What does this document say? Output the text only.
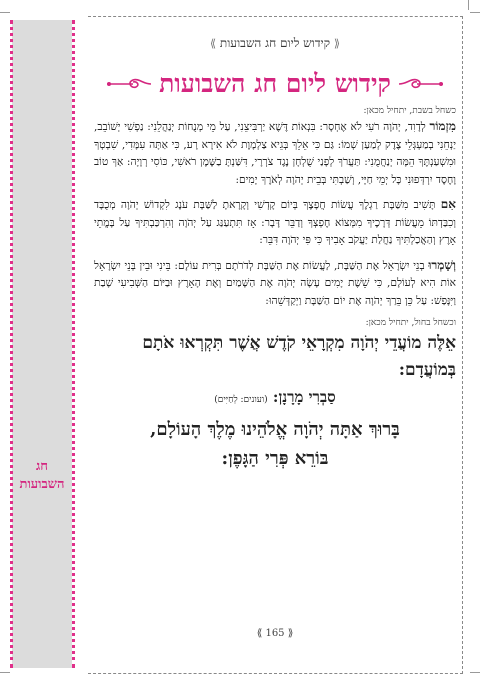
חג
השבועות
⟪ קידוש ליום חג השבועות ⟫
קידוש ליום חג השבועות
כשחל בשבת, יתחיל מכאן:

מִזְמוֹר לְדָוִד, יְהֹוָה רֹעִי לֹא אֶחְסָר: בִּנְאוֹת דֶּשֶׁא יַרְבִּיצֵנִי, עַל מֵי מְנֻחוֹת יְנַהֲלֵנִי: נַפְשִׁי יְשׁוֹבֵב, יַנְחֵנִי בְמַעְגְּלֵי צֶדֶק לְמַעַן שְׁמוֹ: גַּם כִּי אֵלֵךְ בְּגֵיא צַלְמָוֶת לֹא אִירָא רָע, כִּי אַתָּה עִמָּדִי, שִׁבְטְךָ וּמִשְׁעַנְתֶּךָ הֵמָּה יְנַחֲמֻנִי: תַּעֲרֹךְ לְפָנַי שֻׁלְחָן נֶגֶד צֹרְרָי, דִּשַּׁנְתָּ בַשֶּׁמֶן רֹאשִׁי, כּוֹסִי רְוָיָה: אַךְ טוֹב וָחֶסֶד יִרְדְּפוּנִי כָּל יְמֵי חַיָּי, וְשַׁבְתִּי בְּבֵית יְהֹוָה לְאֹרֶךְ יָמִים:

אִם תָּשִׁיב מִשַּׁבָּת רַגְלֶךָ עֲשׂוֹת חֲפָצֶךָ בְּיוֹם קָדְשִׁי וְקָרָאתָ לַשַּׁבָּת עֹנֶג לִקְדוֹשׁ יְהֹוָה מְכֻבָּד וְכִבַּדְתּוֹ מֵעֲשׂוֹת דְּרָכֶיךָ מִמְּצוֹא חֶפְצְךָ וְדַבֵּר דָּבָר: אָז תִּתְעַנַּג עַל יְהֹוָה וְהִרְכַּבְתִּיךָ עַל בָּמֳתֵי אָרֶץ וְהַאֲכַלְתִּיךָ נַחֲלַת יַעֲקֹב אָבִיךָ כִּי פִּי יְהֹוָה דִּבֵּר:

וְשָׁמְרוּ בְנֵי יִשְׂרָאֵל אֶת הַשַּׁבָּת, לַעֲשׂוֹת אֶת הַשַּׁבָּת לְדֹרֹתָם בְּרִית עוֹלָם: בֵּינִי וּבֵין בְּנֵי יִשְׂרָאֵל אוֹת הִיא לְעוֹלָם, כִּי שֵׁשֶׁת יָמִים עָשָׂה יְהֹוָה אֶת הַשָּׁמַיִם וְאֶת הָאָרֶץ וּבַיּוֹם הַשְּׁבִיעִי שָׁבַת וַיִּנָּפַשׁ: עַל כֵּן בֵּרַךְ יְהֹוָה אֶת יוֹם הַשַּׁבָּת וַיְקַדְּשֵׁהוּ:

וכשחל בחול, יתחיל מכאן:
אֵלֶּה מוֹעֲדֵי יְהֹוָה מִקְרָאֵי קֹדֶשׁ אֲשֶׁר תִּקְרְאוּ אֹתָם בְּמוֹעֲדָם:
סַבְרִי מָרָנָן: (ועונים: לְחַיִּים)
בָּרוּךְ אַתָּה יְהֹוָה אֱלֹהֵינוּ מֶלֶךְ הָעוֹלָם,
בּוֹרֵא פְּרִי הַגָּפֶן:
⟪ 165 ⟫
